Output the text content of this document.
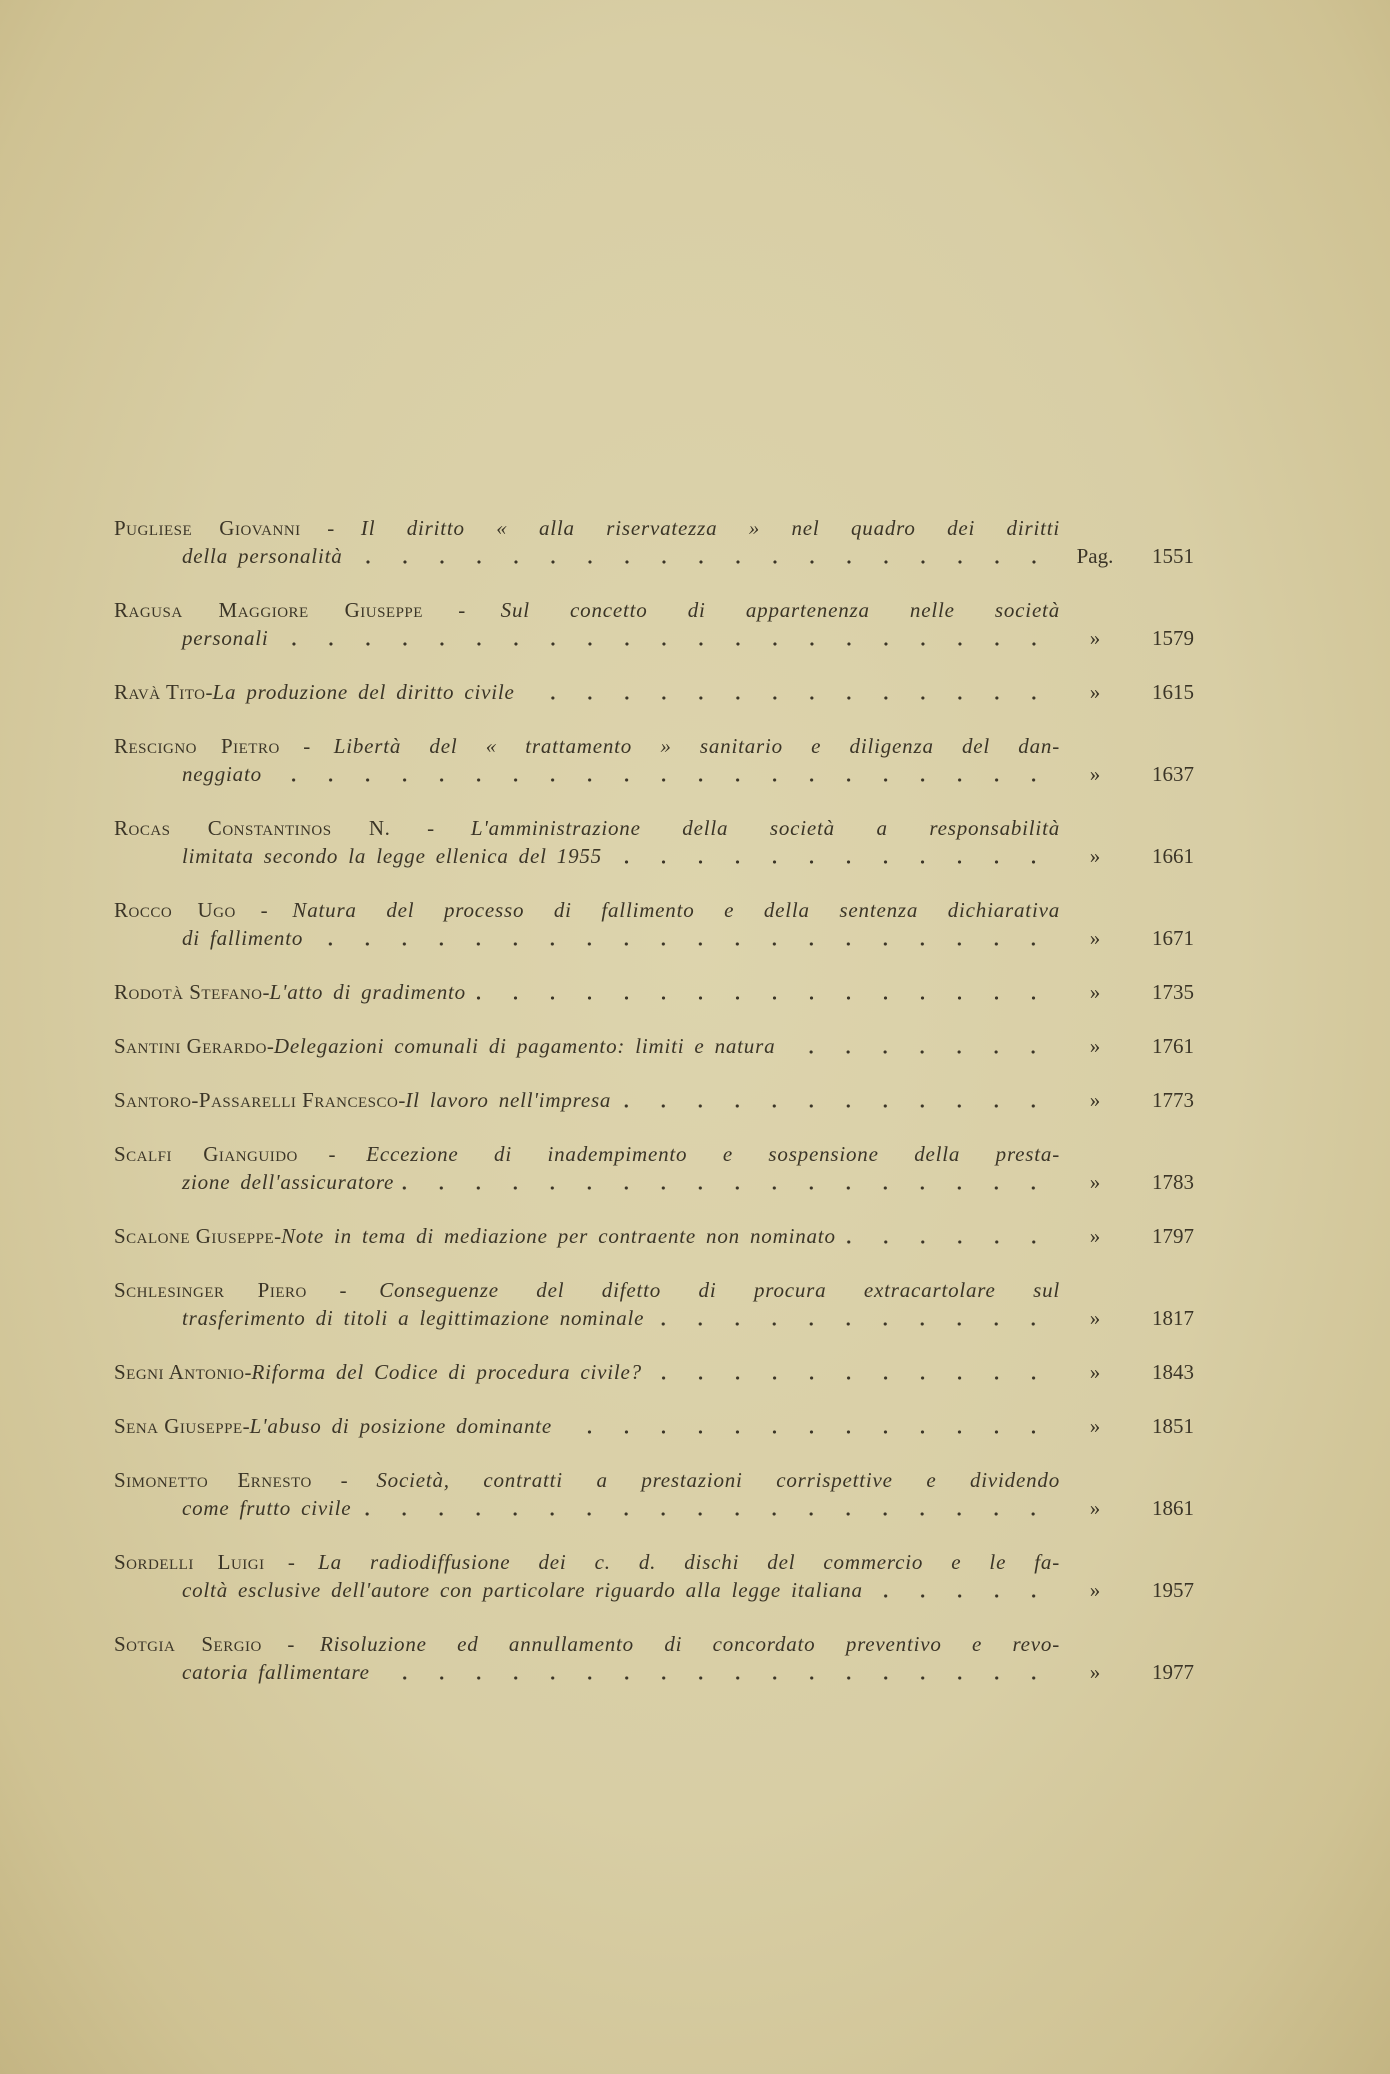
Pugliese Giovanni - Il diritto « alla riservatezza » nel quadro dei diritti
della personalità	Pag.	1551
Ragusa Maggiore Giuseppe - Sul concetto di appartenenza nelle società
personali	»	1579
Ravà Tito - La produzione del diritto civile	»	1615
Rescigno Pietro - Libertà del « trattamento » sanitario e diligenza del dan-
neggiato	»	1637
Rocas Constantinos N. - L'amministrazione della società a responsabilità
limitata secondo la legge ellenica del 1955	»	1661
Rocco Ugo - Natura del processo di fallimento e della sentenza dichiarativa
di fallimento	»	1671
Rodotà Stefano - L'atto di gradimento	»	1735
Santini Gerardo - Delegazioni comunali di pagamento: limiti e natura	»	1761
Santoro-Passarelli Francesco - Il lavoro nell'impresa	»	1773
Scalfi Gianguido - Eccezione di inadempimento e sospensione della presta-
zione dell'assicuratore	»	1783
Scalone Giuseppe - Note in tema di mediazione per contraente non nominato	»	1797
Schlesinger Piero - Conseguenze del difetto di procura extracartolare sul
trasferimento di titoli a legittimazione nominale	»	1817
Segni Antonio - Riforma del Codice di procedura civile?	»	1843
Sena Giuseppe - L'abuso di posizione dominante	»	1851
Simonetto Ernesto - Società, contratti a prestazioni corrispettive e dividendo
come frutto civile	»	1861
Sordelli Luigi - La radiodiffusione dei c. d. dischi del commercio e le fa-
coltà esclusive dell'autore con particolare riguardo alla legge italiana	»	1957
Sotgia Sergio - Risoluzione ed annullamento di concordato preventivo e revo-
catoria fallimentare	»	1977
